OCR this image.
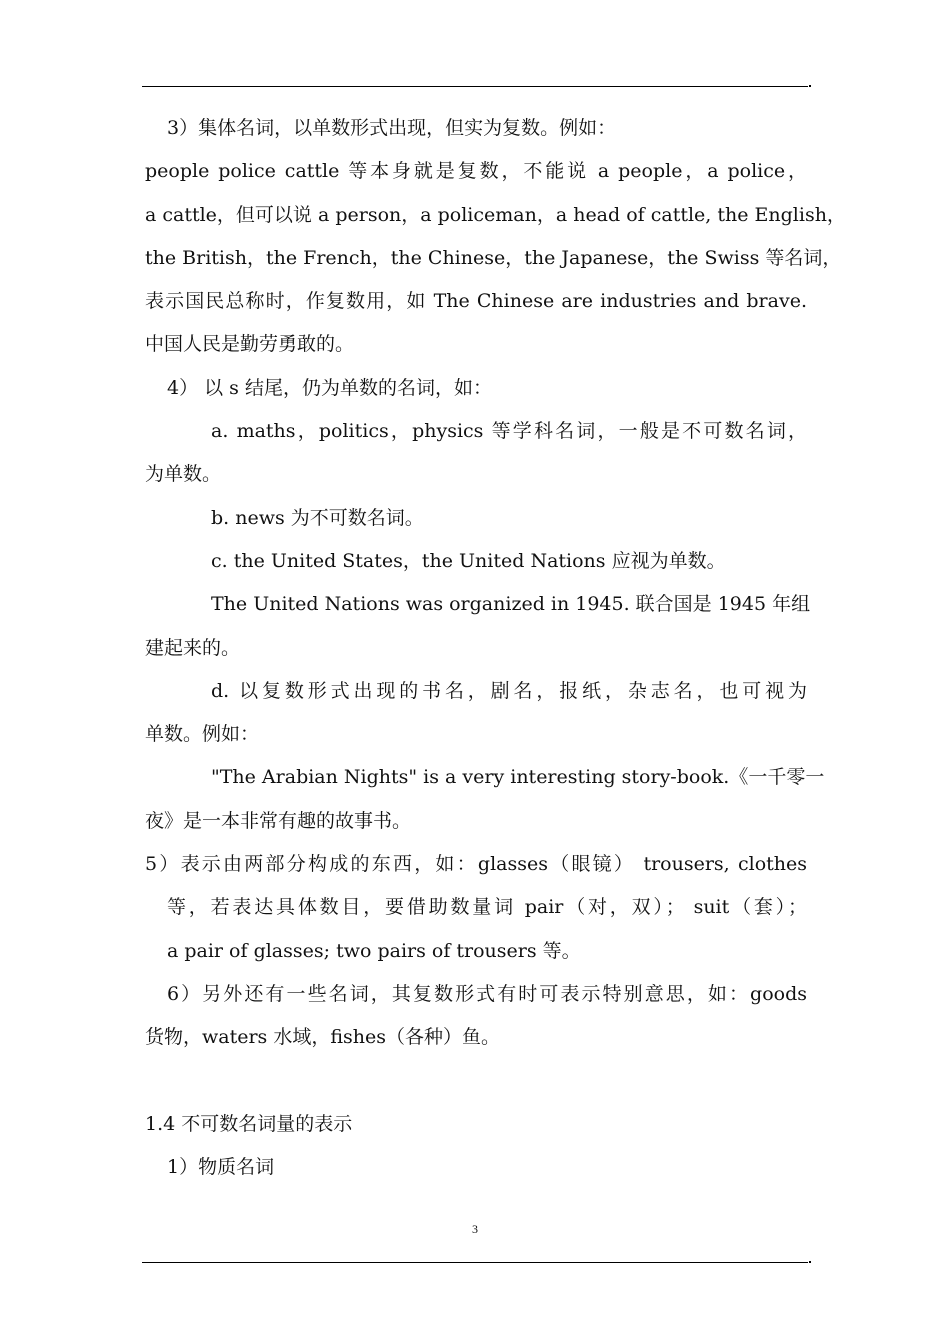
3）集体名词，以单数形式出现，但实为复数。例如：
people police cattle 等本身就是复数，不能说 a people，a police，
a cattle，但可以说 a person，a policeman，a head of cattle, the English，
the British，the French，the Chinese，the Japanese，the Swiss 等名词，
表示国民总称时，作复数用，如 The Chinese are industries and brave.
中国人民是勤劳勇敢的。
4） 以 s 结尾，仍为单数的名词，如：
a. maths，politics，physics 等学科名词，一般是不可数名词，
为单数。
b. news 为不可数名词。
c. the United States，the United Nations 应视为单数。
The United Nations was organized in 1945. 联合国是 1945 年组
建起来的。
d. 以复数形式出现的书名，剧名，报纸，杂志名，也可视为
单数。例如：
"The Arabian Nights" is a very interesting story-book.《一千零一
夜》是一本非常有趣的故事书。
5）表示由两部分构成的东西，如：glasses（眼镜） trousers, clothes
等，若表达具体数目，要借助数量词 pair（对，双）； suit（套）；
a pair of glasses; two pairs of trousers 等。
6）另外还有一些名词，其复数形式有时可表示特别意思，如：goods
货物，waters 水域，fishes（各种）鱼。
1.4 不可数名词量的表示
1）物质名词
3
